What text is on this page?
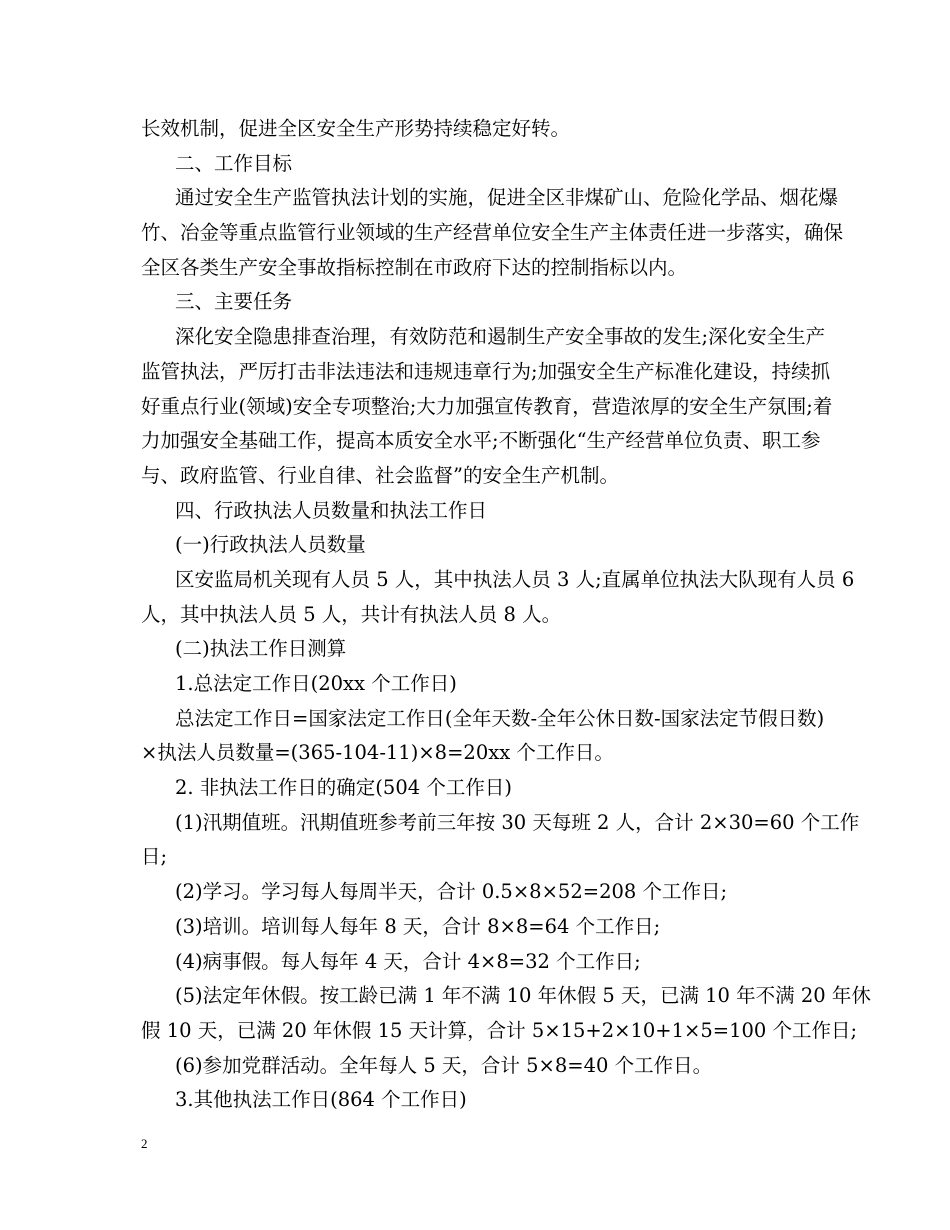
长效机制，促进全区安全生产形势持续稳定好转。
二、工作目标
通过安全生产监管执法计划的实施，促进全区非煤矿山、危险化学品、烟花爆
竹、冶金等重点监管行业领域的生产经营单位安全生产主体责任进一步落实，确保
全区各类生产安全事故指标控制在市政府下达的控制指标以内。
三、主要任务
深化安全隐患排查治理，有效防范和遏制生产安全事故的发生;深化安全生产
监管执法，严厉打击非法违法和违规违章行为;加强安全生产标准化建设，持续抓
好重点行业(领域)安全专项整治;大力加强宣传教育，营造浓厚的安全生产氛围;着
力加强安全基础工作，提高本质安全水平;不断强化“生产经营单位负责、职工参
与、政府监管、行业自律、社会监督”的安全生产机制。
四、行政执法人员数量和执法工作日
(一)行政执法人员数量
区安监局机关现有人员 5 人，其中执法人员 3 人;直属单位执法大队现有人员 6
人，其中执法人员 5 人，共计有执法人员 8 人。
(二)执法工作日测算
1.总法定工作日(20xx 个工作日)
总法定工作日=国家法定工作日(全年天数-全年公休日数-国家法定节假日数)
×执法人员数量=(365-104-11)×8=20xx 个工作日。
2. 非执法工作日的确定(504 个工作日)
(1)汛期值班。汛期值班参考前三年按 30 天每班 2 人，合计 2×30=60 个工作
日;
(2)学习。学习每人每周半天，合计 0.5×8×52=208 个工作日;
(3)培训。培训每人每年 8 天，合计 8×8=64 个工作日;
(4)病事假。每人每年 4 天，合计 4×8=32 个工作日;
(5)法定年休假。按工龄已满 1 年不满 10 年休假 5 天，已满 10 年不满 20 年休
假 10 天，已满 20 年休假 15 天计算，合计 5×15+2×10+1×5=100 个工作日;
(6)参加党群活动。全年每人 5 天，合计 5×8=40 个工作日。
3.其他执法工作日(864 个工作日)
2
